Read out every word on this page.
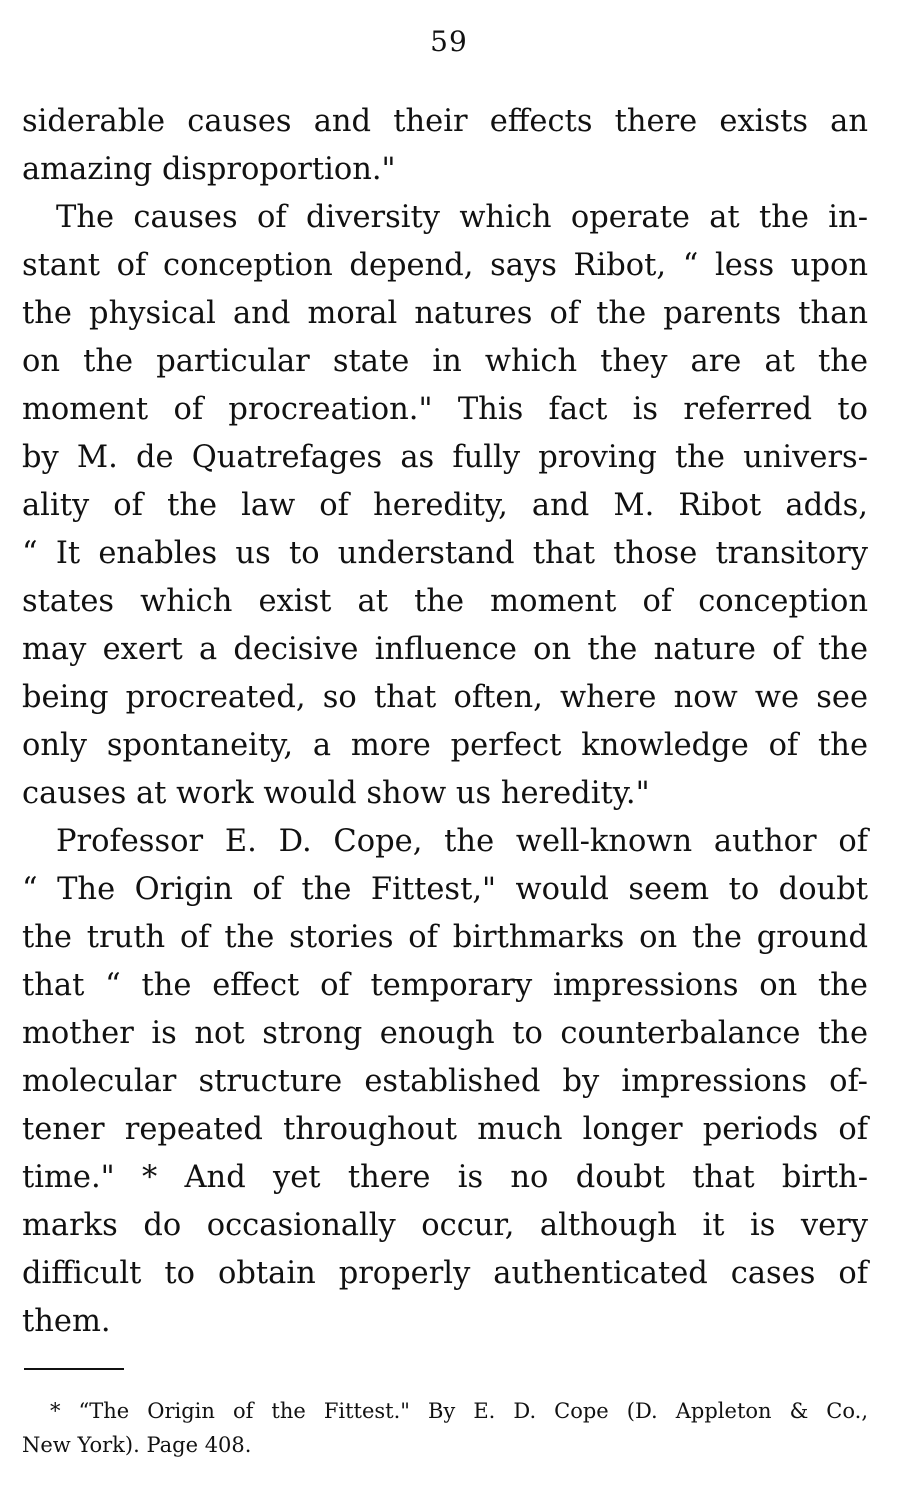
59
siderable causes and their effects there exists an
amazing disproportion."
The causes of diversity which operate at the in-
stant of conception depend, says Ribot, “ less upon
the physical and moral natures of the parents than
on the particular state in which they are at the
moment of procreation." This fact is referred to
by M. de Quatrefages as fully proving the univers-
ality of the law of heredity, and M. Ribot adds,
“ It enables us to understand that those transitory
states which exist at the moment of conception
may exert a decisive influence on the nature of the
being procreated, so that often, where now we see
only spontaneity, a more perfect knowledge of the
causes at work would show us heredity."
Professor E. D. Cope, the well-known author of
“ The Origin of the Fittest," would seem to doubt
the truth of the stories of birthmarks on the ground
that “ the effect of temporary impressions on the
mother is not strong enough to counterbalance the
molecular structure established by impressions of-
tener repeated throughout much longer periods of
time." * And yet there is no doubt that birth-
marks do occasionally occur, although it is very
difficult to obtain properly authenticated cases of
them.
* “The Origin of the Fittest." By E. D. Cope (D. Appleton & Co.,
New York). Page 408.
